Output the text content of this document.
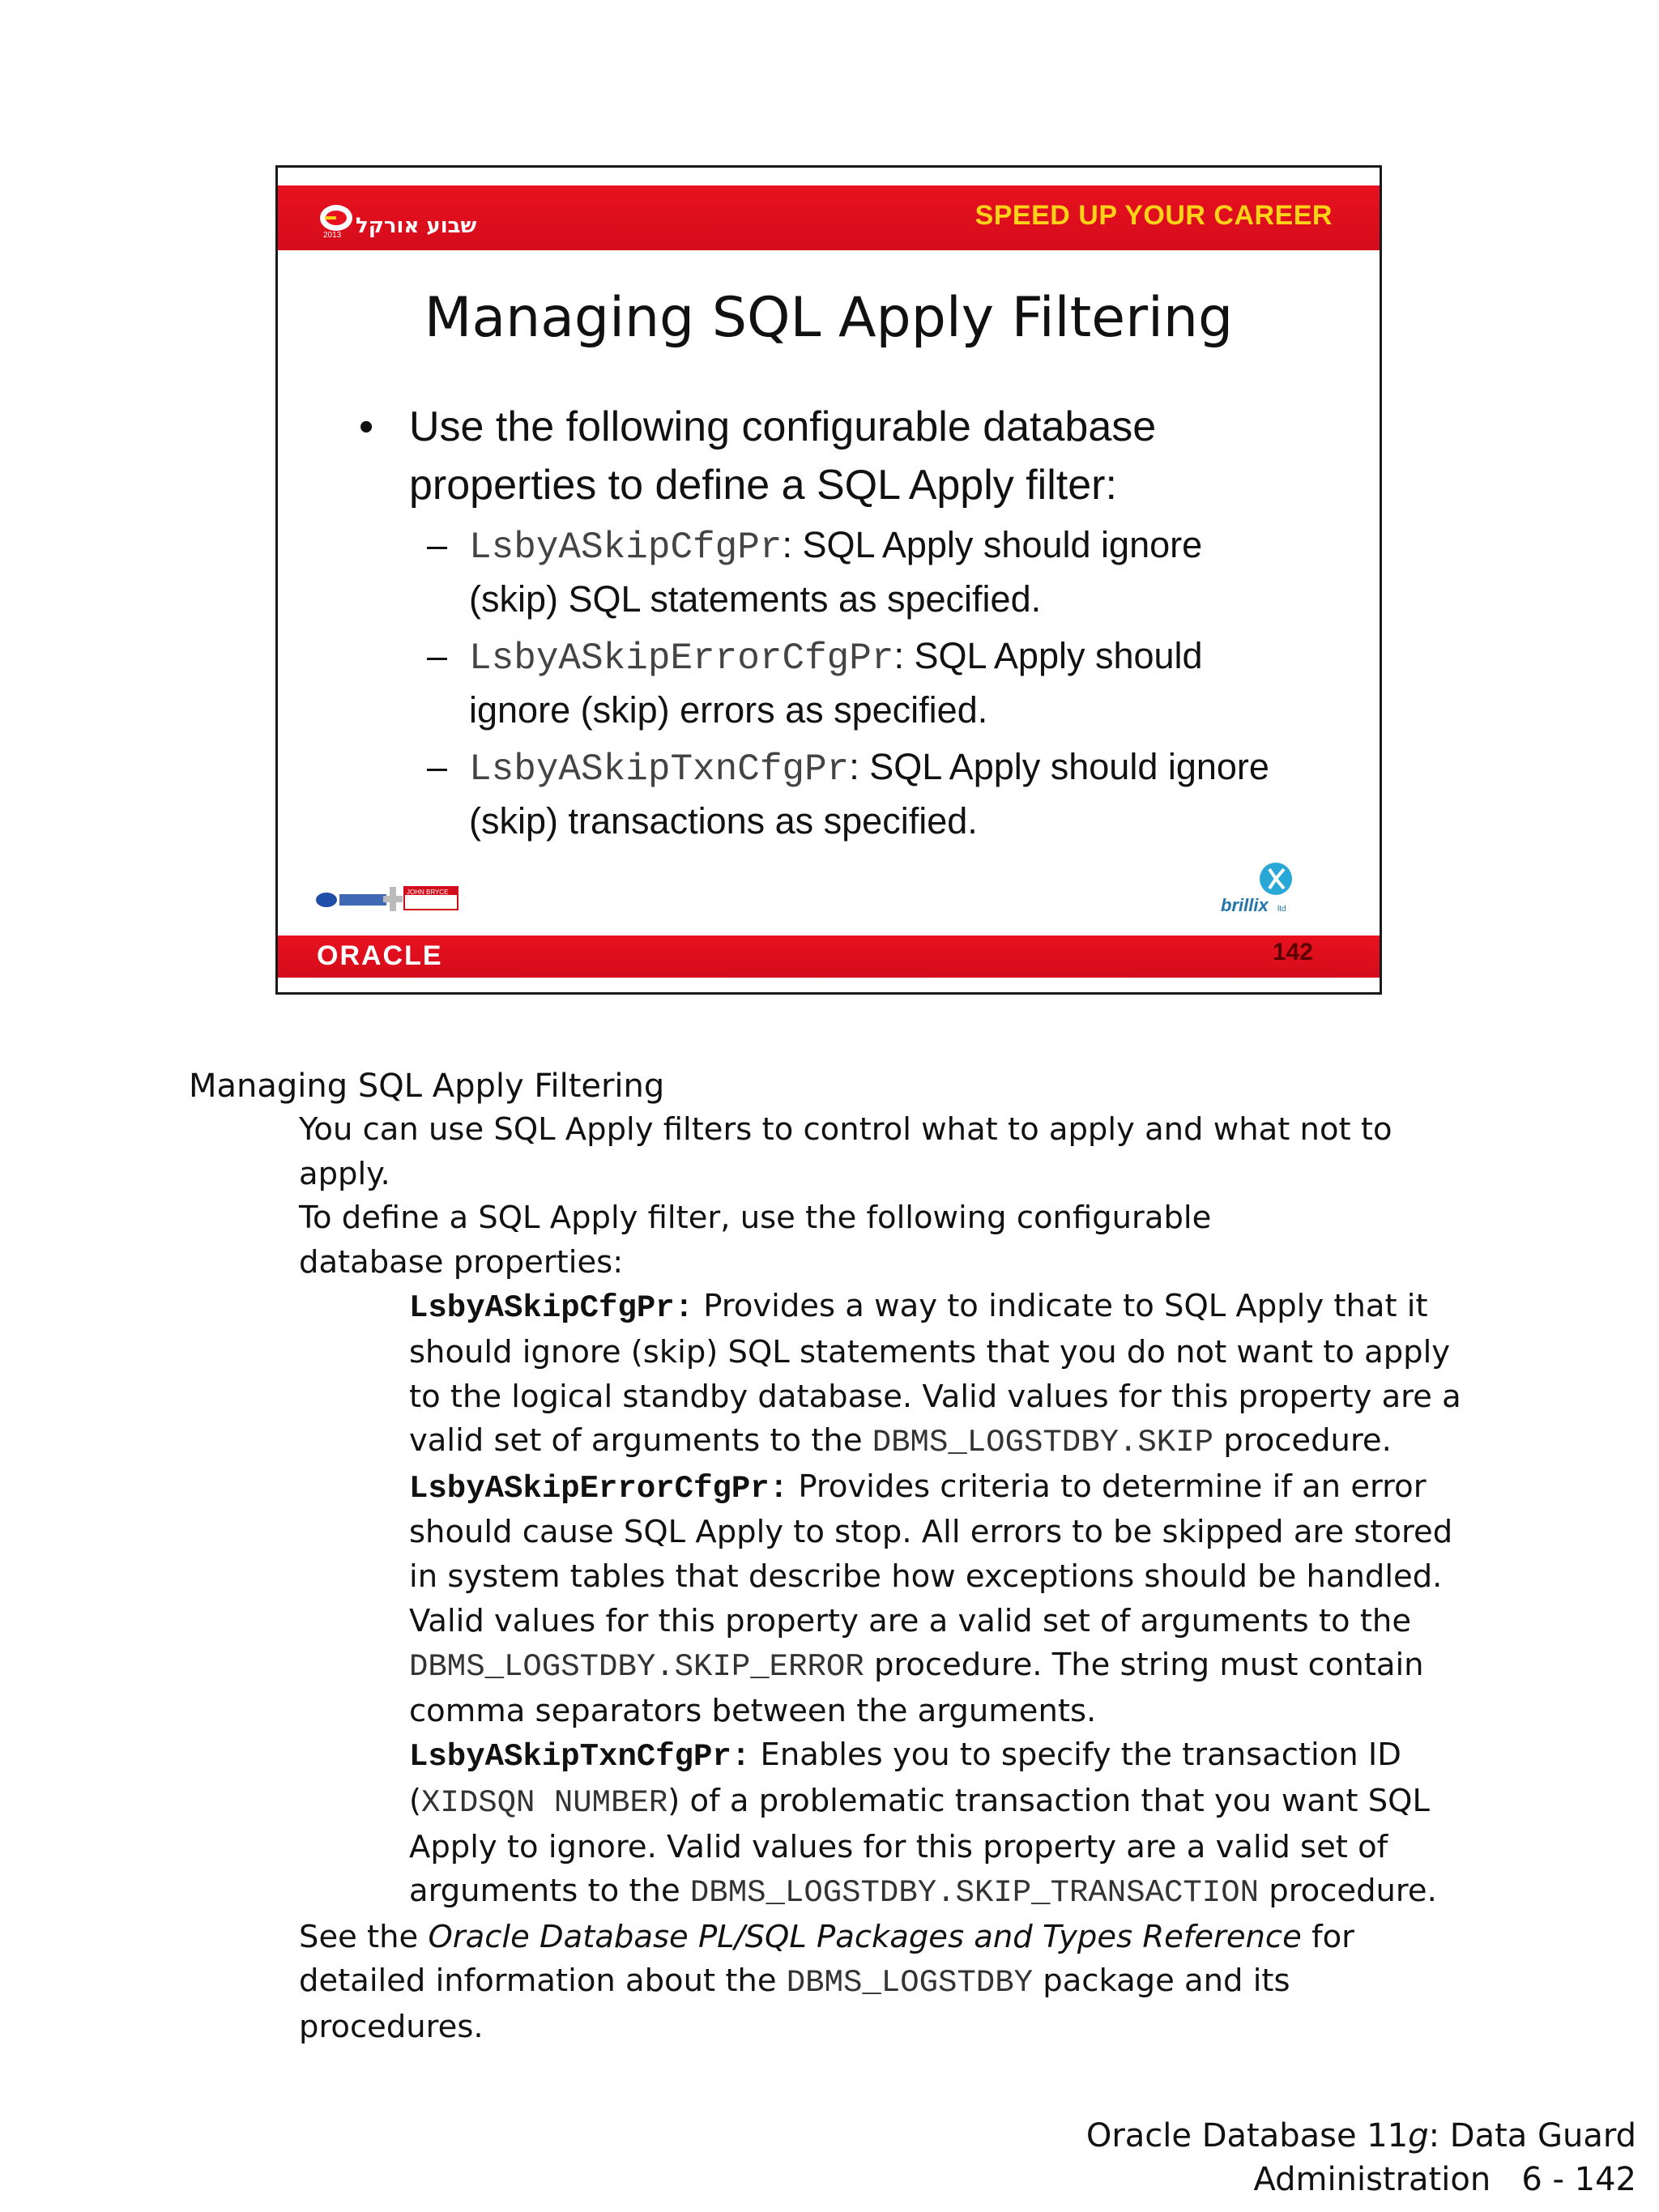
2013 שבוע אורקל	SPEED UP YOUR CAREER
Managing SQL Apply Filtering
• Use the following configurable database properties to define a SQL Apply filter:
– LsbyASkipCfgPr: SQL Apply should ignore (skip) SQL statements as specified.
– LsbyASkipErrorCfgPr: SQL Apply should ignore (skip) errors as specified.
– LsbyASkipTxnCfgPr: SQL Apply should ignore (skip) transactions as specified.
JOHN BRYCE
brillix ltd
ORACLE	142
Managing SQL Apply Filtering

You can use SQL Apply filters to control what to apply and what not to apply.

To define a SQL Apply filter, use the following configurable database properties:

LsbyASkipCfgPr: Provides a way to indicate to SQL Apply that it should ignore (skip) SQL statements that you do not want to apply to the logical standby database. Valid values for this property are a valid set of arguments to the DBMS_LOGSTDBY.SKIP procedure.

LsbyASkipErrorCfgPr: Provides criteria to determine if an error should cause SQL Apply to stop. All errors to be skipped are stored in system tables that describe how exceptions should be handled. Valid values for this property are a valid set of arguments to the DBMS_LOGSTDBY.SKIP_ERROR procedure. The string must contain comma separators between the arguments.

LsbyASkipTxnCfgPr: Enables you to specify the transaction ID (XIDSQN NUMBER) of a problematic transaction that you want SQL Apply to ignore. Valid values for this property are a valid set of arguments to the DBMS_LOGSTDBY.SKIP_TRANSACTION procedure.

See the Oracle Database PL/SQL Packages and Types Reference for detailed information about the DBMS_LOGSTDBY package and its procedures.

Oracle Database 11g: Data Guard
Administration 6 - 142
